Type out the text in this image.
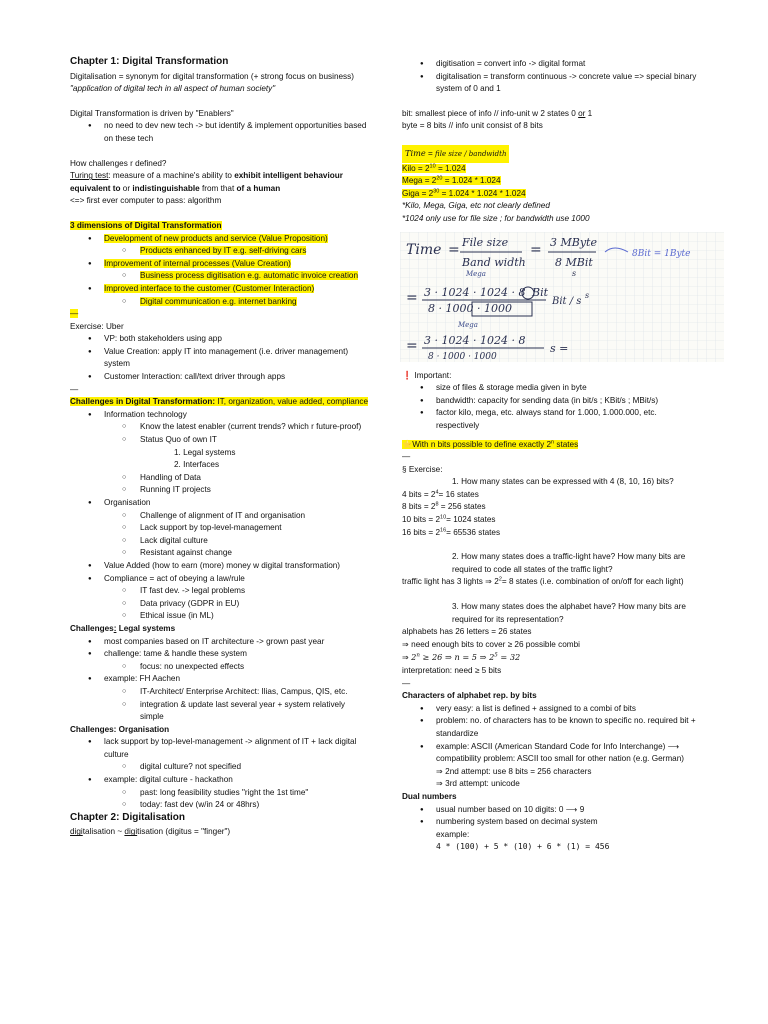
Chapter 1: Digital Transformation

Digitalisation = synonym for digital transformation (+ strong focus on business)

"application of digital tech in all aspect of human society"

Digital Transformation is driven by "Enablers"

● no need to dev new tech -> but identify & implement opportunities based on these tech

How challenges r defined?

Turing test: measure of a machine's ability to exhibit intelligent behaviour equivalent to or indistinguishable from that of a human

<=> first ever computer to pass: algorithm

3 dimensions of Digital Transformation

● Development of new products and service (Value Proposition)

○ Products enhanced by IT e.g. self-driving cars

● Improvement of internal processes (Value Creation)

○ Business process digitisation e.g. automatic invoice creation

● Improved interface to the customer (Customer Interaction)

○ Digital communication e.g. internet banking

—

Exercise: Uber

● VP: both stakeholders using app

● Value Creation: apply IT into management (i.e. driver management) system

● Customer Interaction: call/text driver through apps

—

Challenges in Digital Transformation: IT, organization, value added, compliance

● Information technology

○ Know the latest enabler (current trends? which r future-proof)

○ Status Quo of own IT

1. Legal systems

2. Interfaces

○ Handling of Data

○ Running IT projects

● Organisation

○ Challenge of alignment of IT and organisation

○ Lack support by top-level-management

○ Lack digital culture

○ Resistant against change

● Value Added (how to earn (more) money w digital transformation)

● Compliance = act of obeying a law/rule

○ IT fast dev. -> legal problems

○ Data privacy (GDPR in EU)

○ Ethical issue (in ML)

Challenges: Legal systems

● most companies based on IT architecture -> grown past year

● challenge: tame & handle these system

○ focus: no unexpected effects

● example: FH Aachen

○ IT-Architect/ Enterprise Architect: Ilias, Campus, QIS, etc.

○ integration & update last several year + system relatively simple

Challenges: Organisation

● lack support by top-level-management -> alignment of IT + lack digital culture

○ digital culture? not specified

● example: digital culture - hackathon

○ past: long feasibility studies "right the 1st time"

○ today: fast dev (w/in 24 or 48hrs)

Chapter 2: Digitalisation

digitalisation ~ digitisation (digitus = "finger")

● digitisation = convert info -> digital format

● digitalisation = transform continuous -> concrete value => special binary system of 0 and 1

bit: smallest piece of info // info-unit w 2 states 0 or 1

byte = 8 bits // info unit consist of 8 bits

Time = file size / bandwidth

Kilo = $2^{10} = 1.024$

Mega = $2^{20} = 1.024 * 1.024$

Giga = $2^{30} = 1.024 * 1.024 * 1.024$

*Kilo, Mega, Giga, etc not clearly defined

*1024 only use for file size ; for bandwidth use 1000

Time = File size
Band width
= 3 MByte
8 MBit
s
Mega
8Bit = 1Byte
= 3 · 1024 · 1024 · 8 Bit
8 · 1000 · 1000
Bit / s
s
Mega
= 3 · 1024 · 1024 · 8
8 · 1000 · 1000
s =

❗ Important:

● size of files & storage media given in byte

● bandwidth: capacity for sending data (in bit/s ; KBit/s ; MBit/s)

● factor kilo, mega, etc. always stand for 1.000, 1.000.000, etc. respectively

⭐With n bits possible to define exactly 2$^n$ states

—

§ Exercise:

1. How many states can be expressed with 4 (8, 10, 16) bits?

4 bits = $2^4= 16$ states

8 bits = $2^8 = 256$ states

10 bits = $2^{10}= 1024$ states

16 bits = $2^{16}= 65536$ states

2. How many states does a traffic-light have? How many bits are required to code all states of the traffic light?

traffic light has 3 lights ⇒ $2^2= 8$ states (i.e. combination of on/off for each light)

3. How many states does the alphabet have? How many bits are required for its representation?

alphabets has 26 letters = 26 states

⇒ need enough bits to cover ≥ 26 possible combi

⇒ $2^n \ge 26$ ⇒ n = 5 ⇒ $2^5 = 32$

interpretation: need ≥ 5 bits

—

Characters of alphabet rep. by bits

● very easy: a list is defined + assigned to a combi of bits

● problem: no. of characters has to be known to specific no. required bit + standardize

● example: ASCII (American Standard Code for Info Interchange) ⟶ compatibility problem: ASCII too small for other nation (e.g. German)

⇒ 2nd attempt: use 8 bits = 256 characters

⇒ 3rd attempt: unicode

Dual numbers

● usual number based on 10 digits: 0 ⟶ 9

● numbering system based on decimal system

example:

4 * (100) + 5 * (10) + 6 * (1) = 456
